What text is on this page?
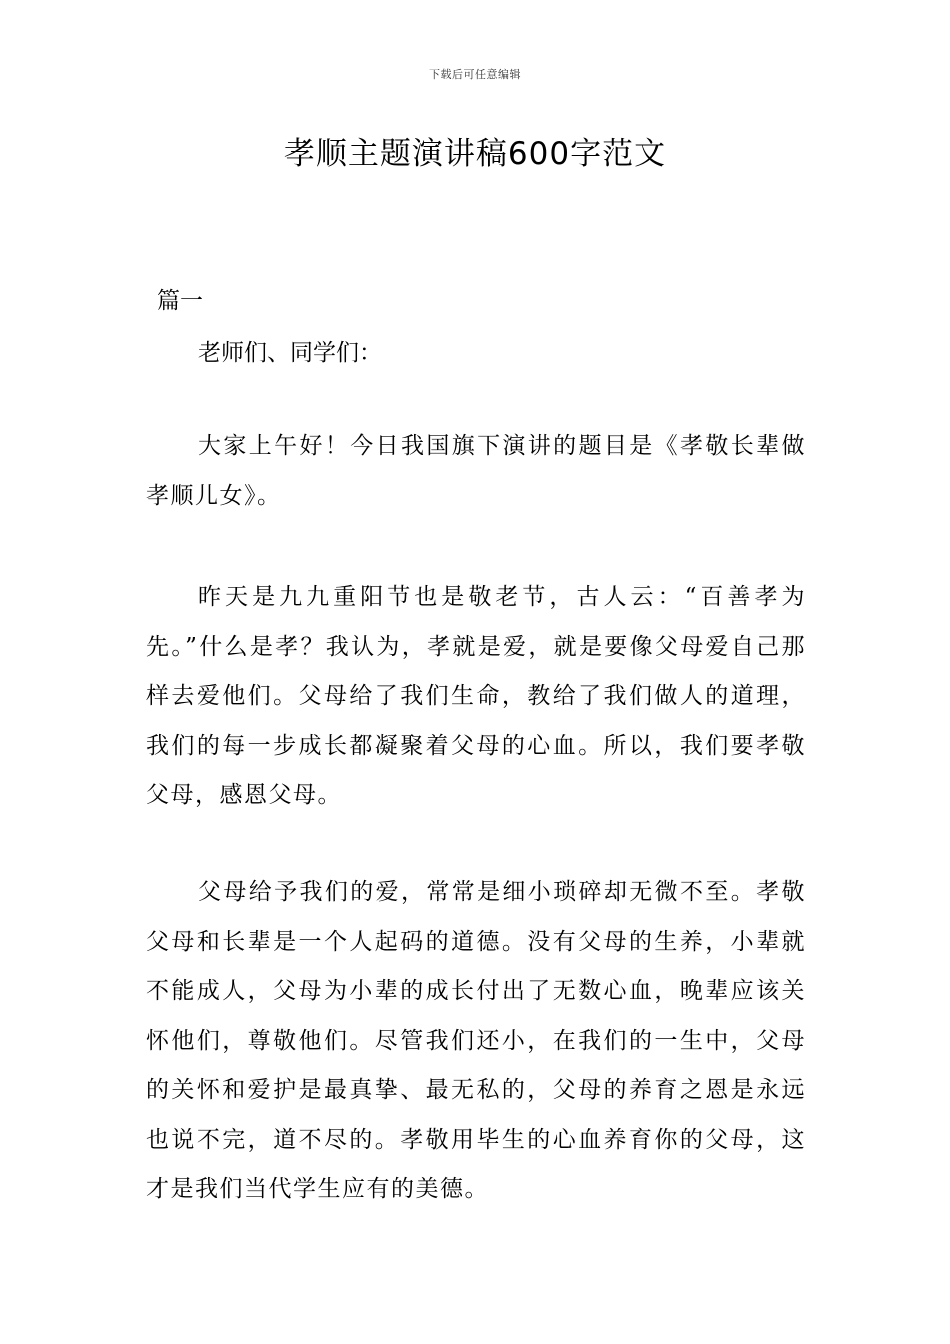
下载后可任意编辑
孝顺主题演讲稿600字范文
篇一
老师们、同学们：

大家上午好！今日我国旗下演讲的题目是《孝敬长辈做孝顺儿女》。

昨天是九九重阳节也是敬老节，古人云：“百善孝为先。”什么是孝？我认为，孝就是爱，就是要像父母爱自己那样去爱他们。父母给了我们生命，教给了我们做人的道理，我们的每一步成长都凝聚着父母的心血。所以，我们要孝敬父母，感恩父母。

父母给予我们的爱，常常是细小琐碎却无微不至。孝敬父母和长辈是一个人起码的道德。没有父母的生养，小辈就不能成人，父母为小辈的成长付出了无数心血，晚辈应该关怀他们，尊敬他们。尽管我们还小，在我们的一生中，父母的关怀和爱护是最真挚、最无私的，父母的养育之恩是永远也说不完，道不尽的。孝敬用毕生的心血养育你的父母，这才是我们当代学生应有的美德。
